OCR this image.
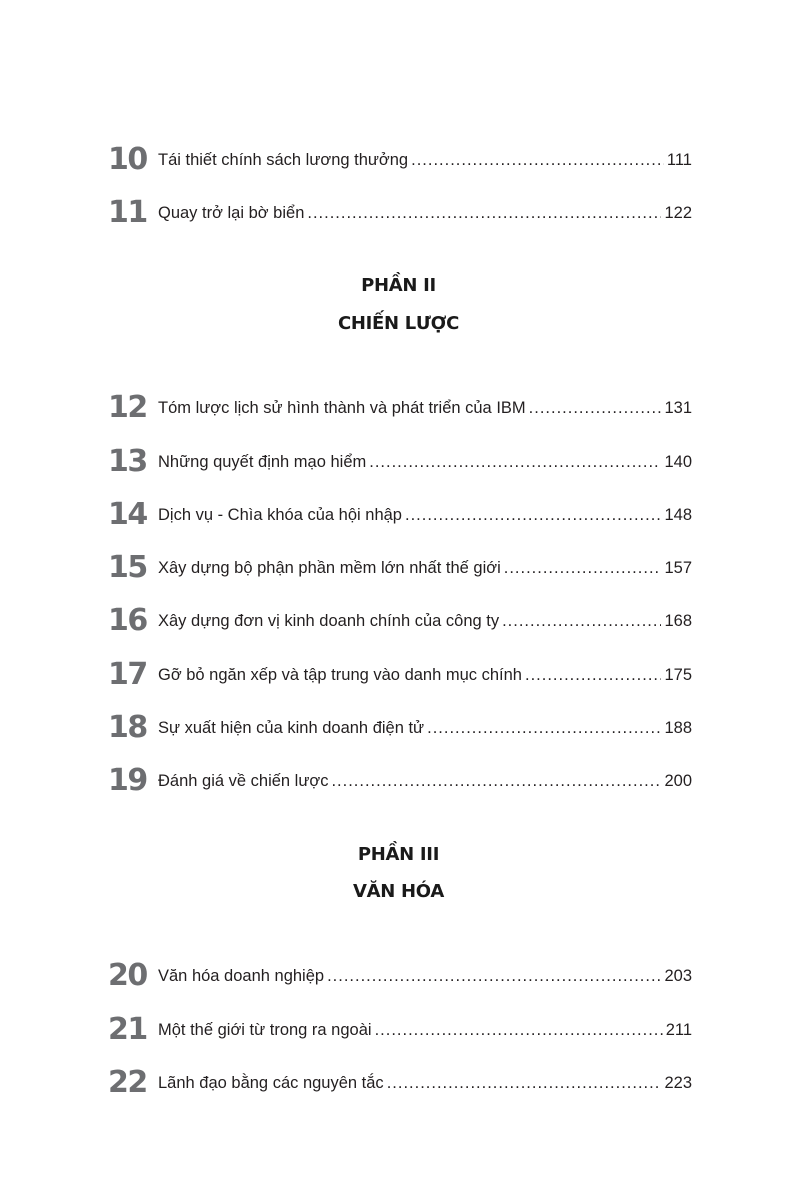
10 Tái thiết chính sách lương thưởng .....	111
11 Quay trở lại bờ biển .....	122
PHẦN II
CHIẾN LƯỢC
12 Tóm lược lịch sử hình thành và phát triển của IBM .....	131
13 Những quyết định mạo hiểm .....	140
14 Dịch vụ - Chìa khóa của hội nhập .....	148
15 Xây dựng bộ phận phần mềm lớn nhất thế giới .....	157
16 Xây dựng đơn vị kinh doanh chính của công ty .....	168
17 Gỡ bỏ ngăn xếp và tập trung vào danh mục chính .....	175
18 Sự xuất hiện của kinh doanh điện tử .....	188
19 Đánh giá về chiến lược .....	200
PHẦN III
VĂN HÓA
20 Văn hóa doanh nghiệp .....	203
21 Một thế giới từ trong ra ngoài .....	211
22 Lãnh đạo bằng các nguyên tắc .....	223
